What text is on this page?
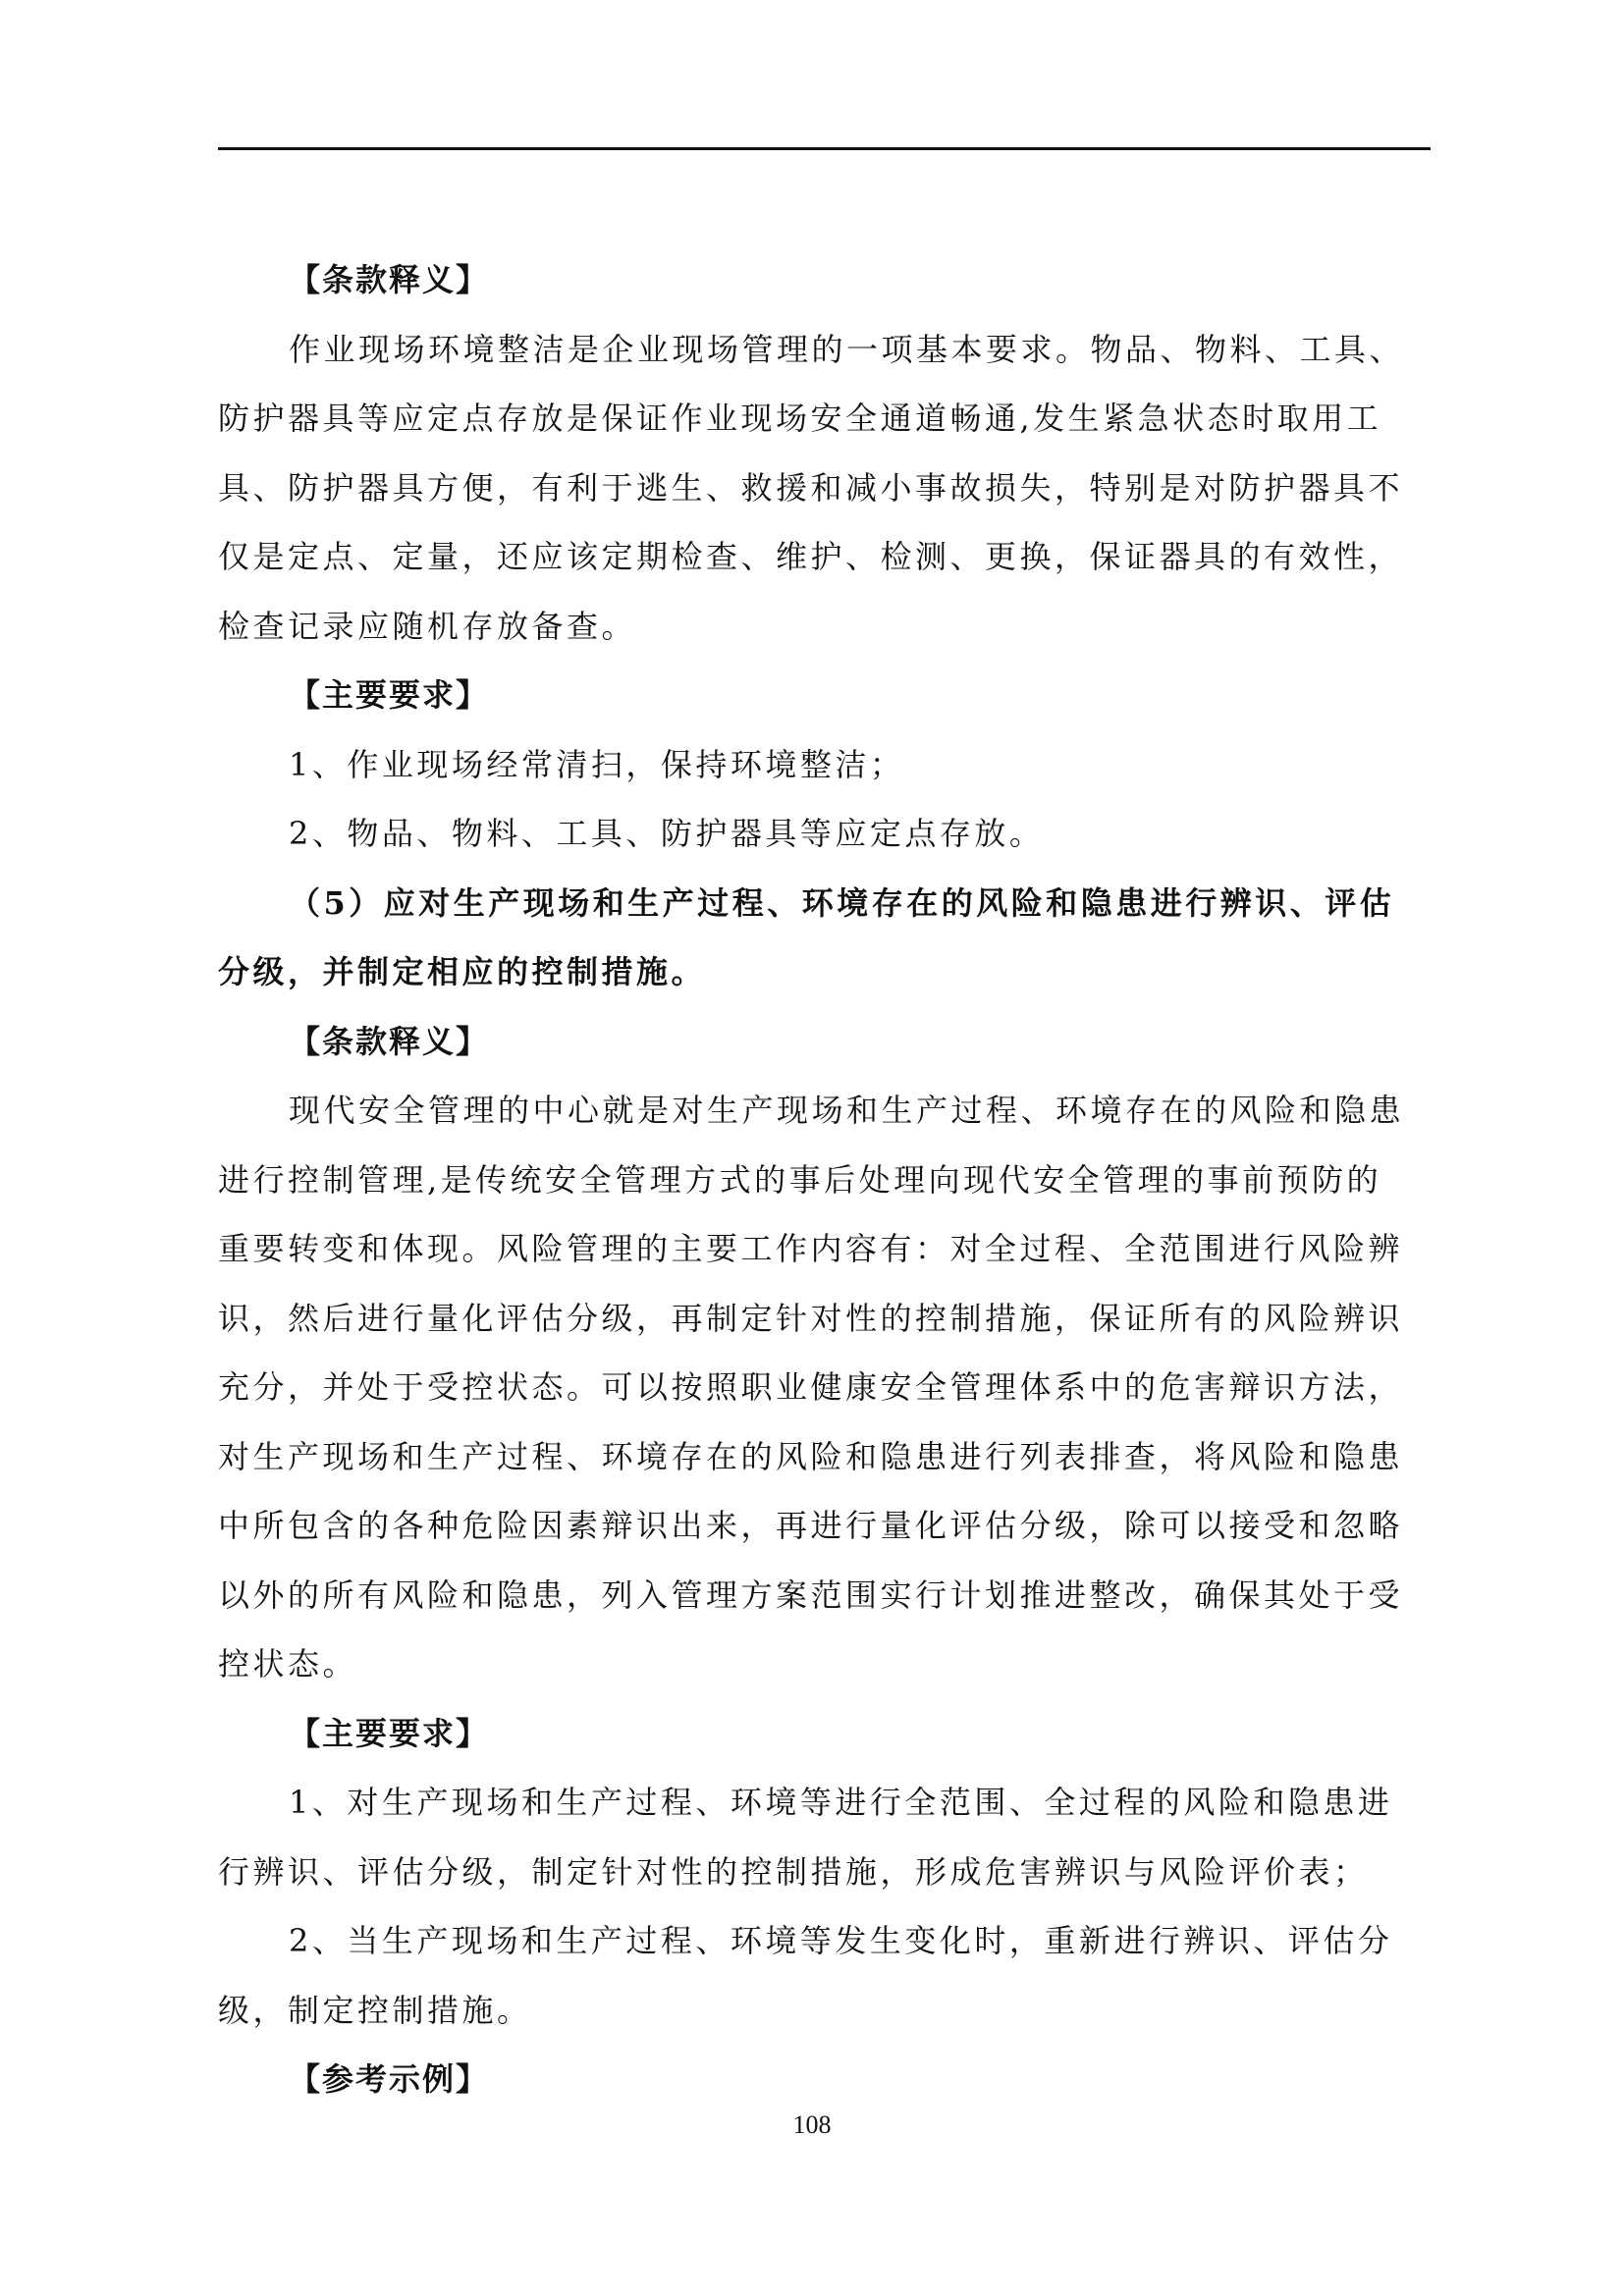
【条款释义】
作业现场环境整洁是企业现场管理的一项基本要求。物品、物料、工具、
防护器具等应定点存放是保证作业现场安全通道畅通,发生紧急状态时取用工
具、防护器具方便，有利于逃生、救援和减小事故损失，特别是对防护器具不
仅是定点、定量，还应该定期检查、维护、检测、更换，保证器具的有效性，
检查记录应随机存放备查。
【主要要求】
1、作业现场经常清扫，保持环境整洁；
2、物品、物料、工具、防护器具等应定点存放。
（5）应对生产现场和生产过程、环境存在的风险和隐患进行辨识、评估
分级，并制定相应的控制措施。
【条款释义】
现代安全管理的中心就是对生产现场和生产过程、环境存在的风险和隐患
进行控制管理,是传统安全管理方式的事后处理向现代安全管理的事前预防的
重要转变和体现。风险管理的主要工作内容有：对全过程、全范围进行风险辨
识，然后进行量化评估分级，再制定针对性的控制措施，保证所有的风险辨识
充分，并处于受控状态。可以按照职业健康安全管理体系中的危害辩识方法，
对生产现场和生产过程、环境存在的风险和隐患进行列表排查，将风险和隐患
中所包含的各种危险因素辩识出来，再进行量化评估分级，除可以接受和忽略
以外的所有风险和隐患，列入管理方案范围实行计划推进整改，确保其处于受
控状态。
【主要要求】
1、对生产现场和生产过程、环境等进行全范围、全过程的风险和隐患进
行辨识、评估分级，制定针对性的控制措施，形成危害辨识与风险评价表；
2、当生产现场和生产过程、环境等发生变化时，重新进行辨识、评估分
级，制定控制措施。
【参考示例】
108
